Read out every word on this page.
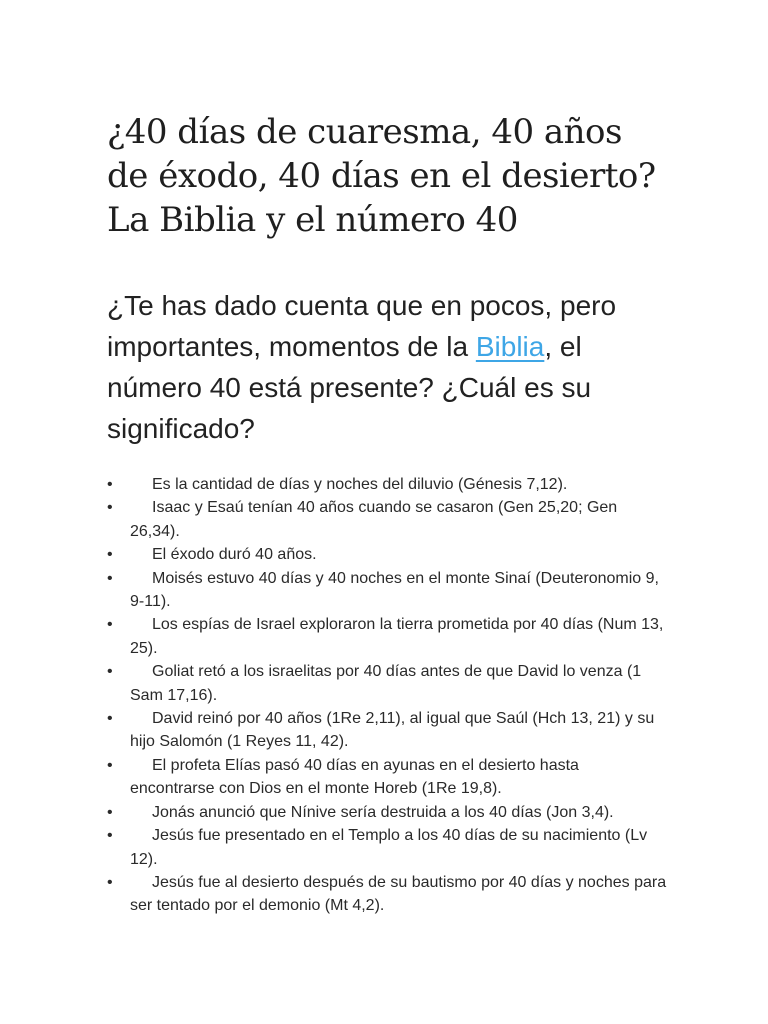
¿40 días de cuaresma, 40 años de éxodo, 40 días en el desierto? La Biblia y el número 40

¿Te has dado cuenta que en pocos, pero importantes, momentos de la Biblia, el número 40 está presente? ¿Cuál es su significado?

• Es la cantidad de días y noches del diluvio (Génesis 7,12).
• Isaac y Esaú tenían 40 años cuando se casaron (Gen 25,20; Gen 26,34).
• El éxodo duró 40 años.
• Moisés estuvo 40 días y 40 noches en el monte Sinaí (Deuteronomio 9, 9-11).
• Los espías de Israel exploraron la tierra prometida por 40 días (Num 13, 25).
• Goliat retó a los israelitas por 40 días antes de que David lo venza (1 Sam 17,16).
• David reinó por 40 años (1Re 2,11), al igual que Saúl (Hch 13, 21) y su hijo Salomón (1 Reyes 11, 42).
• El profeta Elías pasó 40 días en ayunas en el desierto hasta encontrarse con Dios en el monte Horeb (1Re 19,8).
• Jonás anunció que Nínive sería destruida a los 40 días (Jon 3,4).
• Jesús fue presentado en el Templo a los 40 días de su nacimiento (Lv 12).
• Jesús fue al desierto después de su bautismo por 40 días y noches para ser tentado por el demonio (Mt 4,2).
